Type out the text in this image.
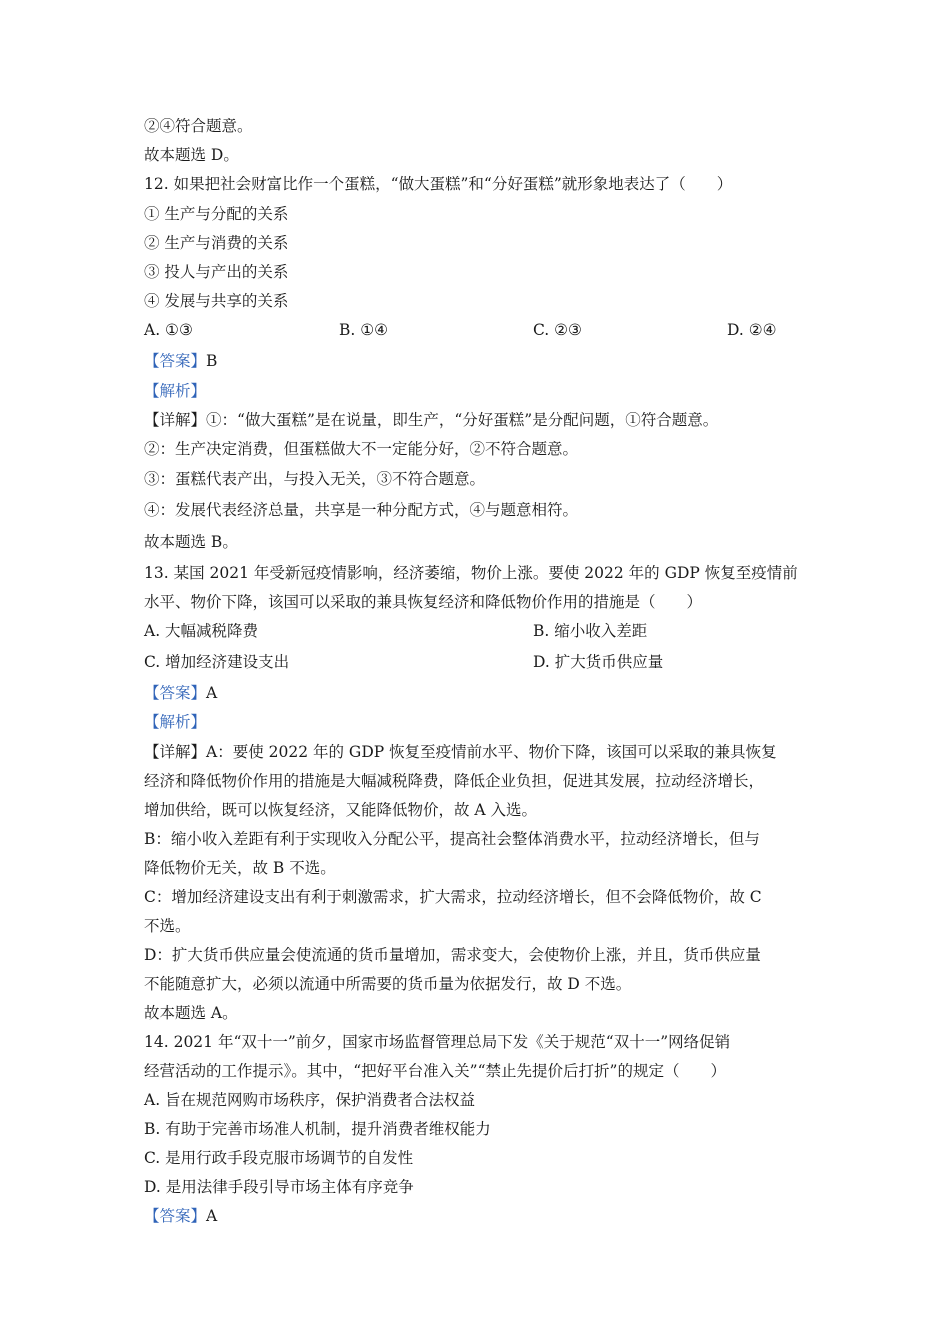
②④符合题意。
故本题选 D。
12. 如果把社会财富比作一个蛋糕，“做大蛋糕”和“分好蛋糕”就形象地表达了（　　）
① 生产与分配的关系
② 生产与消费的关系
③ 投人与产出的关系
④ 发展与共享的关系
A. ①③	B. ①④	C. ②③	D. ②④
【答案】B
【解析】
【详解】①：“做大蛋糕”是在说量，即生产，“分好蛋糕”是分配问题，①符合题意。
②：生产决定消费，但蛋糕做大不一定能分好，②不符合题意。
③：蛋糕代表产出，与投入无关，③不符合题意。
④：发展代表经济总量，共享是一种分配方式，④与题意相符。
故本题选 B。
13. 某国 2021 年受新冠疫情影响，经济萎缩，物价上涨。要使 2022 年的 GDP 恢复至疫情前
水平、物价下降，该国可以采取的兼具恢复经济和降低物价作用的措施是（　　）
A. 大幅减税降费	B. 缩小收入差距
C. 增加经济建设支出	D. 扩大货币供应量
【答案】A
【解析】
【详解】A：要使 2022 年的 GDP 恢复至疫情前水平、物价下降，该国可以采取的兼具恢复
经济和降低物价作用的措施是大幅减税降费，降低企业负担，促进其发展，拉动经济增长，
增加供给，既可以恢复经济，又能降低物价，故 A 入选。
B：缩小收入差距有利于实现收入分配公平，提高社会整体消费水平，拉动经济增长，但与
降低物价无关，故 B 不选。
C：增加经济建设支出有利于刺激需求，扩大需求，拉动经济增长，但不会降低物价，故 C
不选。
D：扩大货币供应量会使流通的货币量增加，需求变大，会使物价上涨，并且，货币供应量
不能随意扩大，必须以流通中所需要的货币量为依据发行，故 D 不选。
故本题选 A。
14. 2021 年“双十一”前夕，国家市场监督管理总局下发《关于规范“双十一”网络促销
经营活动的工作提示》。其中，“把好平台准入关”“禁止先提价后打折”的规定（　　）
A. 旨在规范网购市场秩序，保护消费者合法权益
B. 有助于完善市场准人机制，提升消费者维权能力
C. 是用行政手段克服市场调节的自发性
D. 是用法律手段引导市场主体有序竞争
【答案】A
